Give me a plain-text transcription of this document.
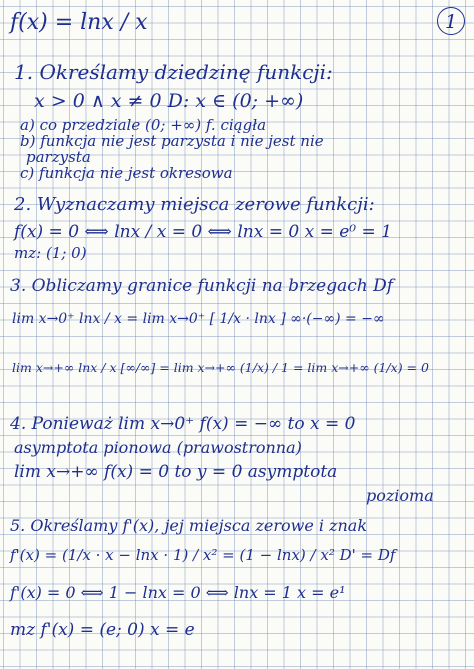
1
f(x) = lnx / x
1. Określamy dziedzinę funkcji:
x > 0 ∧ x ≠ 0 D: x ∈ (0; +∞)
a) co przedziale (0; +∞) f. ciągła
b) funkcja nie jest parzysta i nie jest nie
parzysta
c) funkcja nie jest okresowa
2. Wyznaczamy miejsca zerowe funkcji:
f(x) = 0 ⟺ lnx / x = 0 ⟺ lnx = 0 x = e⁰ = 1
mz: (1; 0)
3. Obliczamy granice funkcji na brzegach Df
lim x→0⁺ lnx / x = lim x→0⁺ [ 1/x · lnx ] ∞·(−∞) = −∞
lim x→+∞ lnx / x [∞/∞] = lim x→+∞ (1/x) / 1 = lim x→+∞ (1/x) = 0
4. Ponieważ lim x→0⁺ f(x) = −∞ to x = 0
asymptota pionowa (prawostronna)
lim x→+∞ f(x) = 0 to y = 0 asymptota
pozioma
5. Określamy f'(x), jej miejsca zerowe i znak
f'(x) = (1/x · x − lnx · 1) / x² = (1 − lnx) / x² D' = Df
f'(x) = 0 ⟺ 1 − lnx = 0 ⟺ lnx = 1 x = e¹
mz f'(x) = (e; 0) x = e
